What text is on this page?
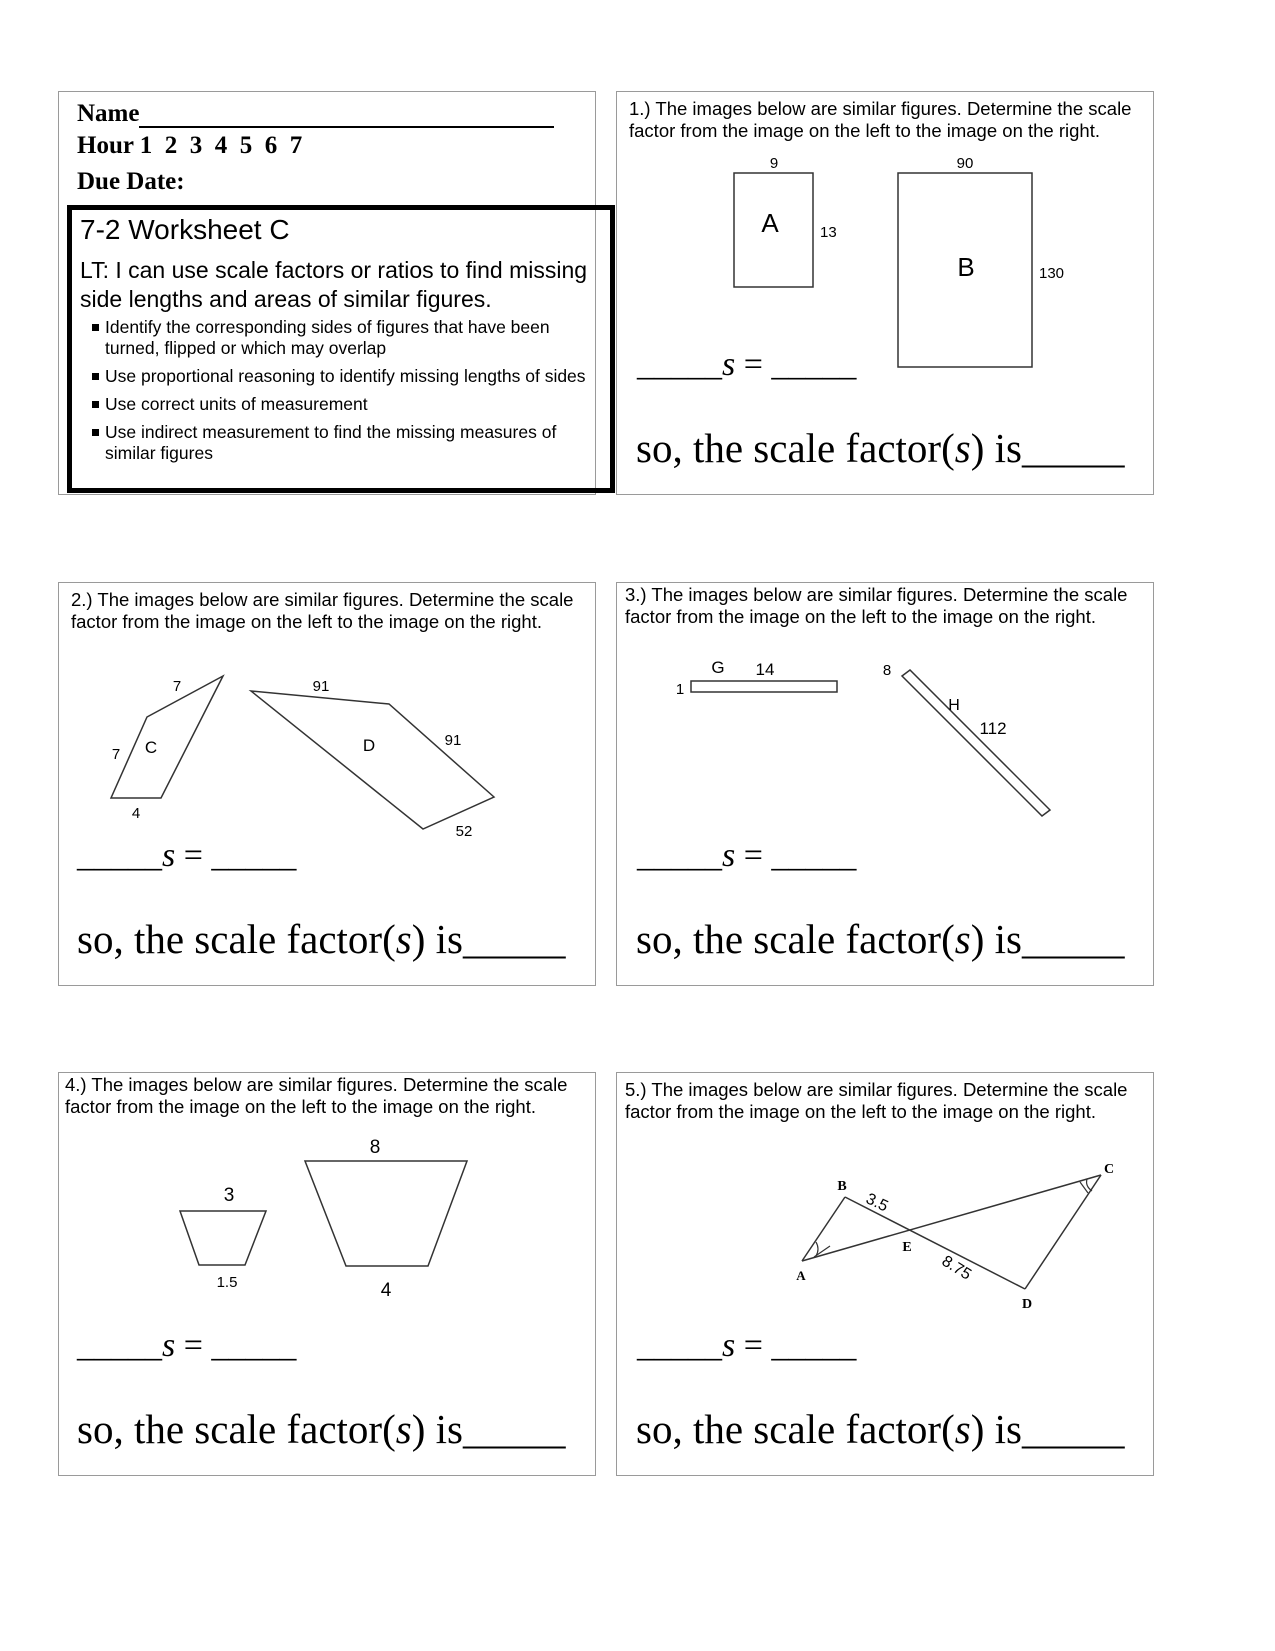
Name
Hour 1  2  3  4  5  6  7
Due Date:
7-2 Worksheet C
LT: I can use scale factors or ratios to find missing side lengths and areas of similar figures.
Identify the corresponding sides of figures that have been turned, flipped or which may overlap
Use proportional reasoning to identify missing lengths of sides
Use correct units of measurement
Use indirect measurement to find the missing measures of similar figures
1.) The images below are similar figures. Determine the scale factor from the image on the left to the image on the right.
9
13
A
90
130
B
_____s = _____
so, the scale factor(s) is_____
2.) The images below are similar figures. Determine the scale factor from the image on the left to the image on the right.
7
7
4
C
91
91
52
D
_____s = _____
so, the scale factor(s) is_____
3.) The images below are similar figures. Determine the scale factor from the image on the left to the image on the right.
G 14
1
8
H
112
_____s = _____
so, the scale factor(s) is_____
4.) The images below are similar figures. Determine the scale factor from the image on the left to the image on the right.
3
1.5
8
4
_____s = _____
so, the scale factor(s) is_____
5.) The images below are similar figures. Determine the scale factor from the image on the left to the image on the right.
B
3.5
C
E
8.75
A
D
_____s = _____
so, the scale factor(s) is_____
